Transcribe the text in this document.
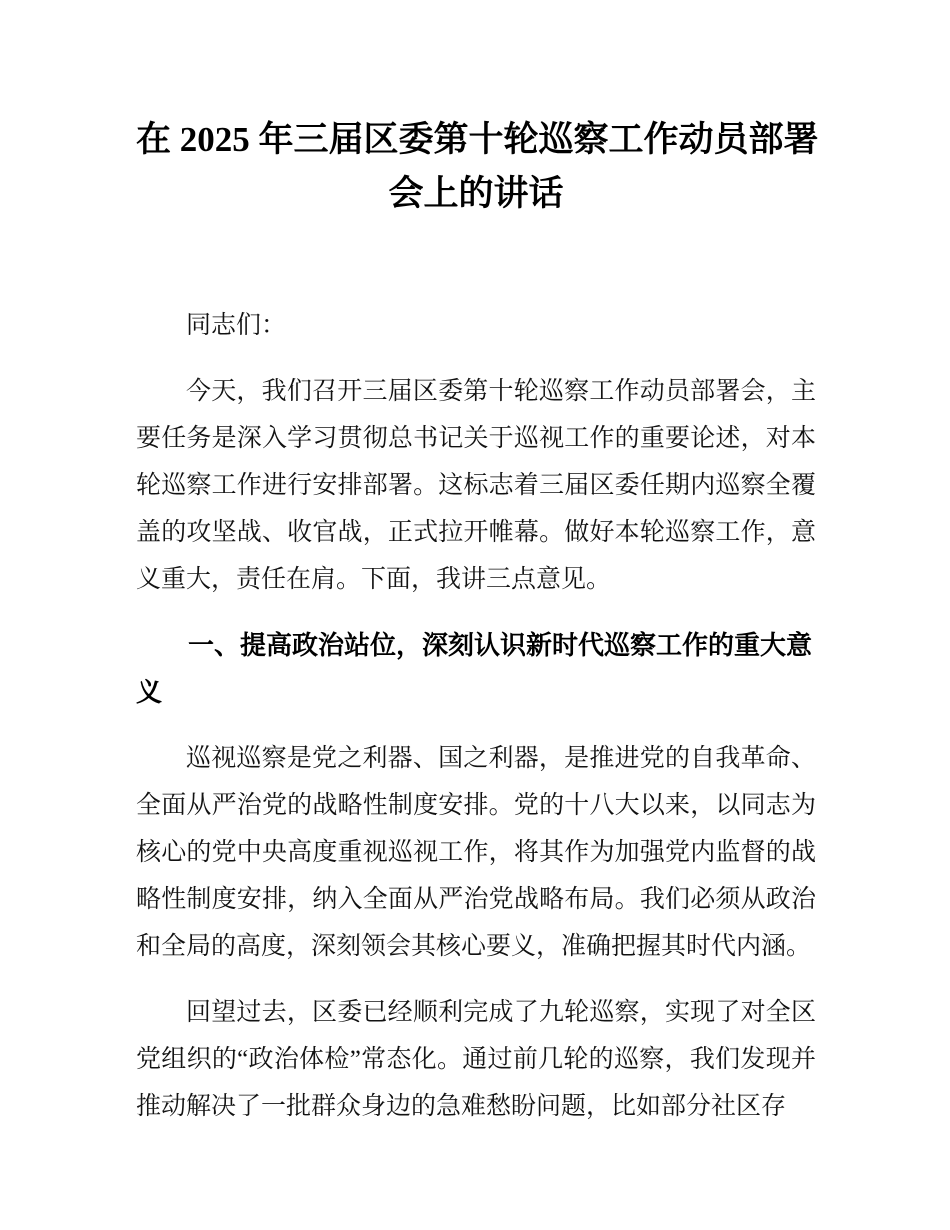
在 2025 年三届区委第十轮巡察工作动员部署
会上的讲话

同志们：

今天，我们召开三届区委第十轮巡察工作动员部署会，主要任务是深入学习贯彻总书记关于巡视工作的重要论述，对本轮巡察工作进行安排部署。这标志着三届区委任期内巡察全覆盖的攻坚战、收官战，正式拉开帷幕。做好本轮巡察工作，意义重大，责任在肩。下面，我讲三点意见。

一、提高政治站位，深刻认识新时代巡察工作的重大意义

巡视巡察是党之利器、国之利器，是推进党的自我革命、全面从严治党的战略性制度安排。党的十八大以来，以同志为核心的党中央高度重视巡视工作，将其作为加强党内监督的战略性制度安排，纳入全面从严治党战略布局。我们必须从政治和全局的高度，深刻领会其核心要义，准确把握其时代内涵。

回望过去，区委已经顺利完成了九轮巡察，实现了对全区党组织的“政治体检”常态化。通过前几轮的巡察，我们发现并推动解决了一批群众身边的急难愁盼问题，比如部分社区存
